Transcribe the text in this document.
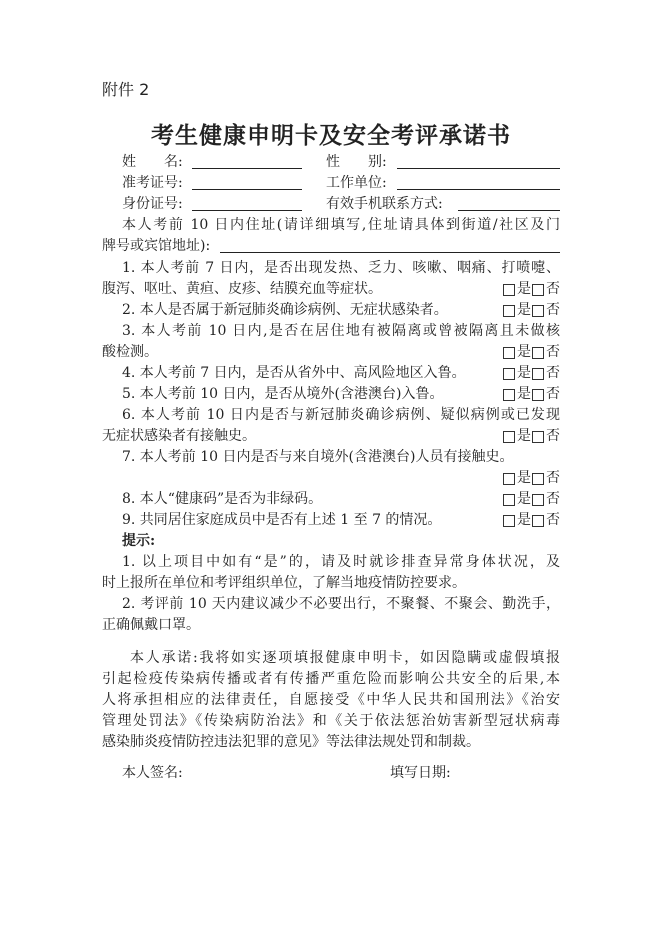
附件 2
考生健康申明卡及安全考评承诺书
姓　　名:	性　　别:
准考证号:	工作单位:
身份证号:	有效手机联系方式:
本人考前 10 日内住址(请详细填写,住址请具体到街道/社区及门
牌号或宾馆地址):
1. 本人考前 7 日内，是否出现发热、乏力、咳嗽、咽痛、打喷嚏、
腹泻、呕吐、黄疸、皮疹、结膜充血等症状。	是 否
2. 本人是否属于新冠肺炎确诊病例、无症状感染者。	是 否
3. 本人考前 10 日内,是否在居住地有被隔离或曾被隔离且未做核
酸检测。	是 否
4. 本人考前 7 日内，是否从省外中、高风险地区入鲁。	是 否
5. 本人考前 10 日内，是否从境外(含港澳台)入鲁。	是 否
6. 本人考前 10 日内是否与新冠肺炎确诊病例、疑似病例或已发现
无症状感染者有接触史。	是 否
7. 本人考前 10 日内是否与来自境外(含港澳台)人员有接触史。
是 否
8. 本人“健康码”是否为非绿码。	是 否
9. 共同居住家庭成员中是否有上述 1 至 7 的情况。	是 否
提示:
1. 以上项目中如有“是”的，请及时就诊排查异常身体状况，及
时上报所在单位和考评组织单位，了解当地疫情防控要求。
2. 考评前 10 天内建议减少不必要出行，不聚餐、不聚会、勤洗手，
正确佩戴口罩。
本人承诺:我将如实逐项填报健康申明卡，如因隐瞒或虚假填报
引起检疫传染病传播或者有传播严重危险而影响公共安全的后果,本
人将承担相应的法律责任，自愿接受《中华人民共和国刑法》《治安
管理处罚法》《传染病防治法》和《关于依法惩治妨害新型冠状病毒
感染肺炎疫情防控违法犯罪的意见》等法律法规处罚和制裁。
本人签名:	填写日期:
